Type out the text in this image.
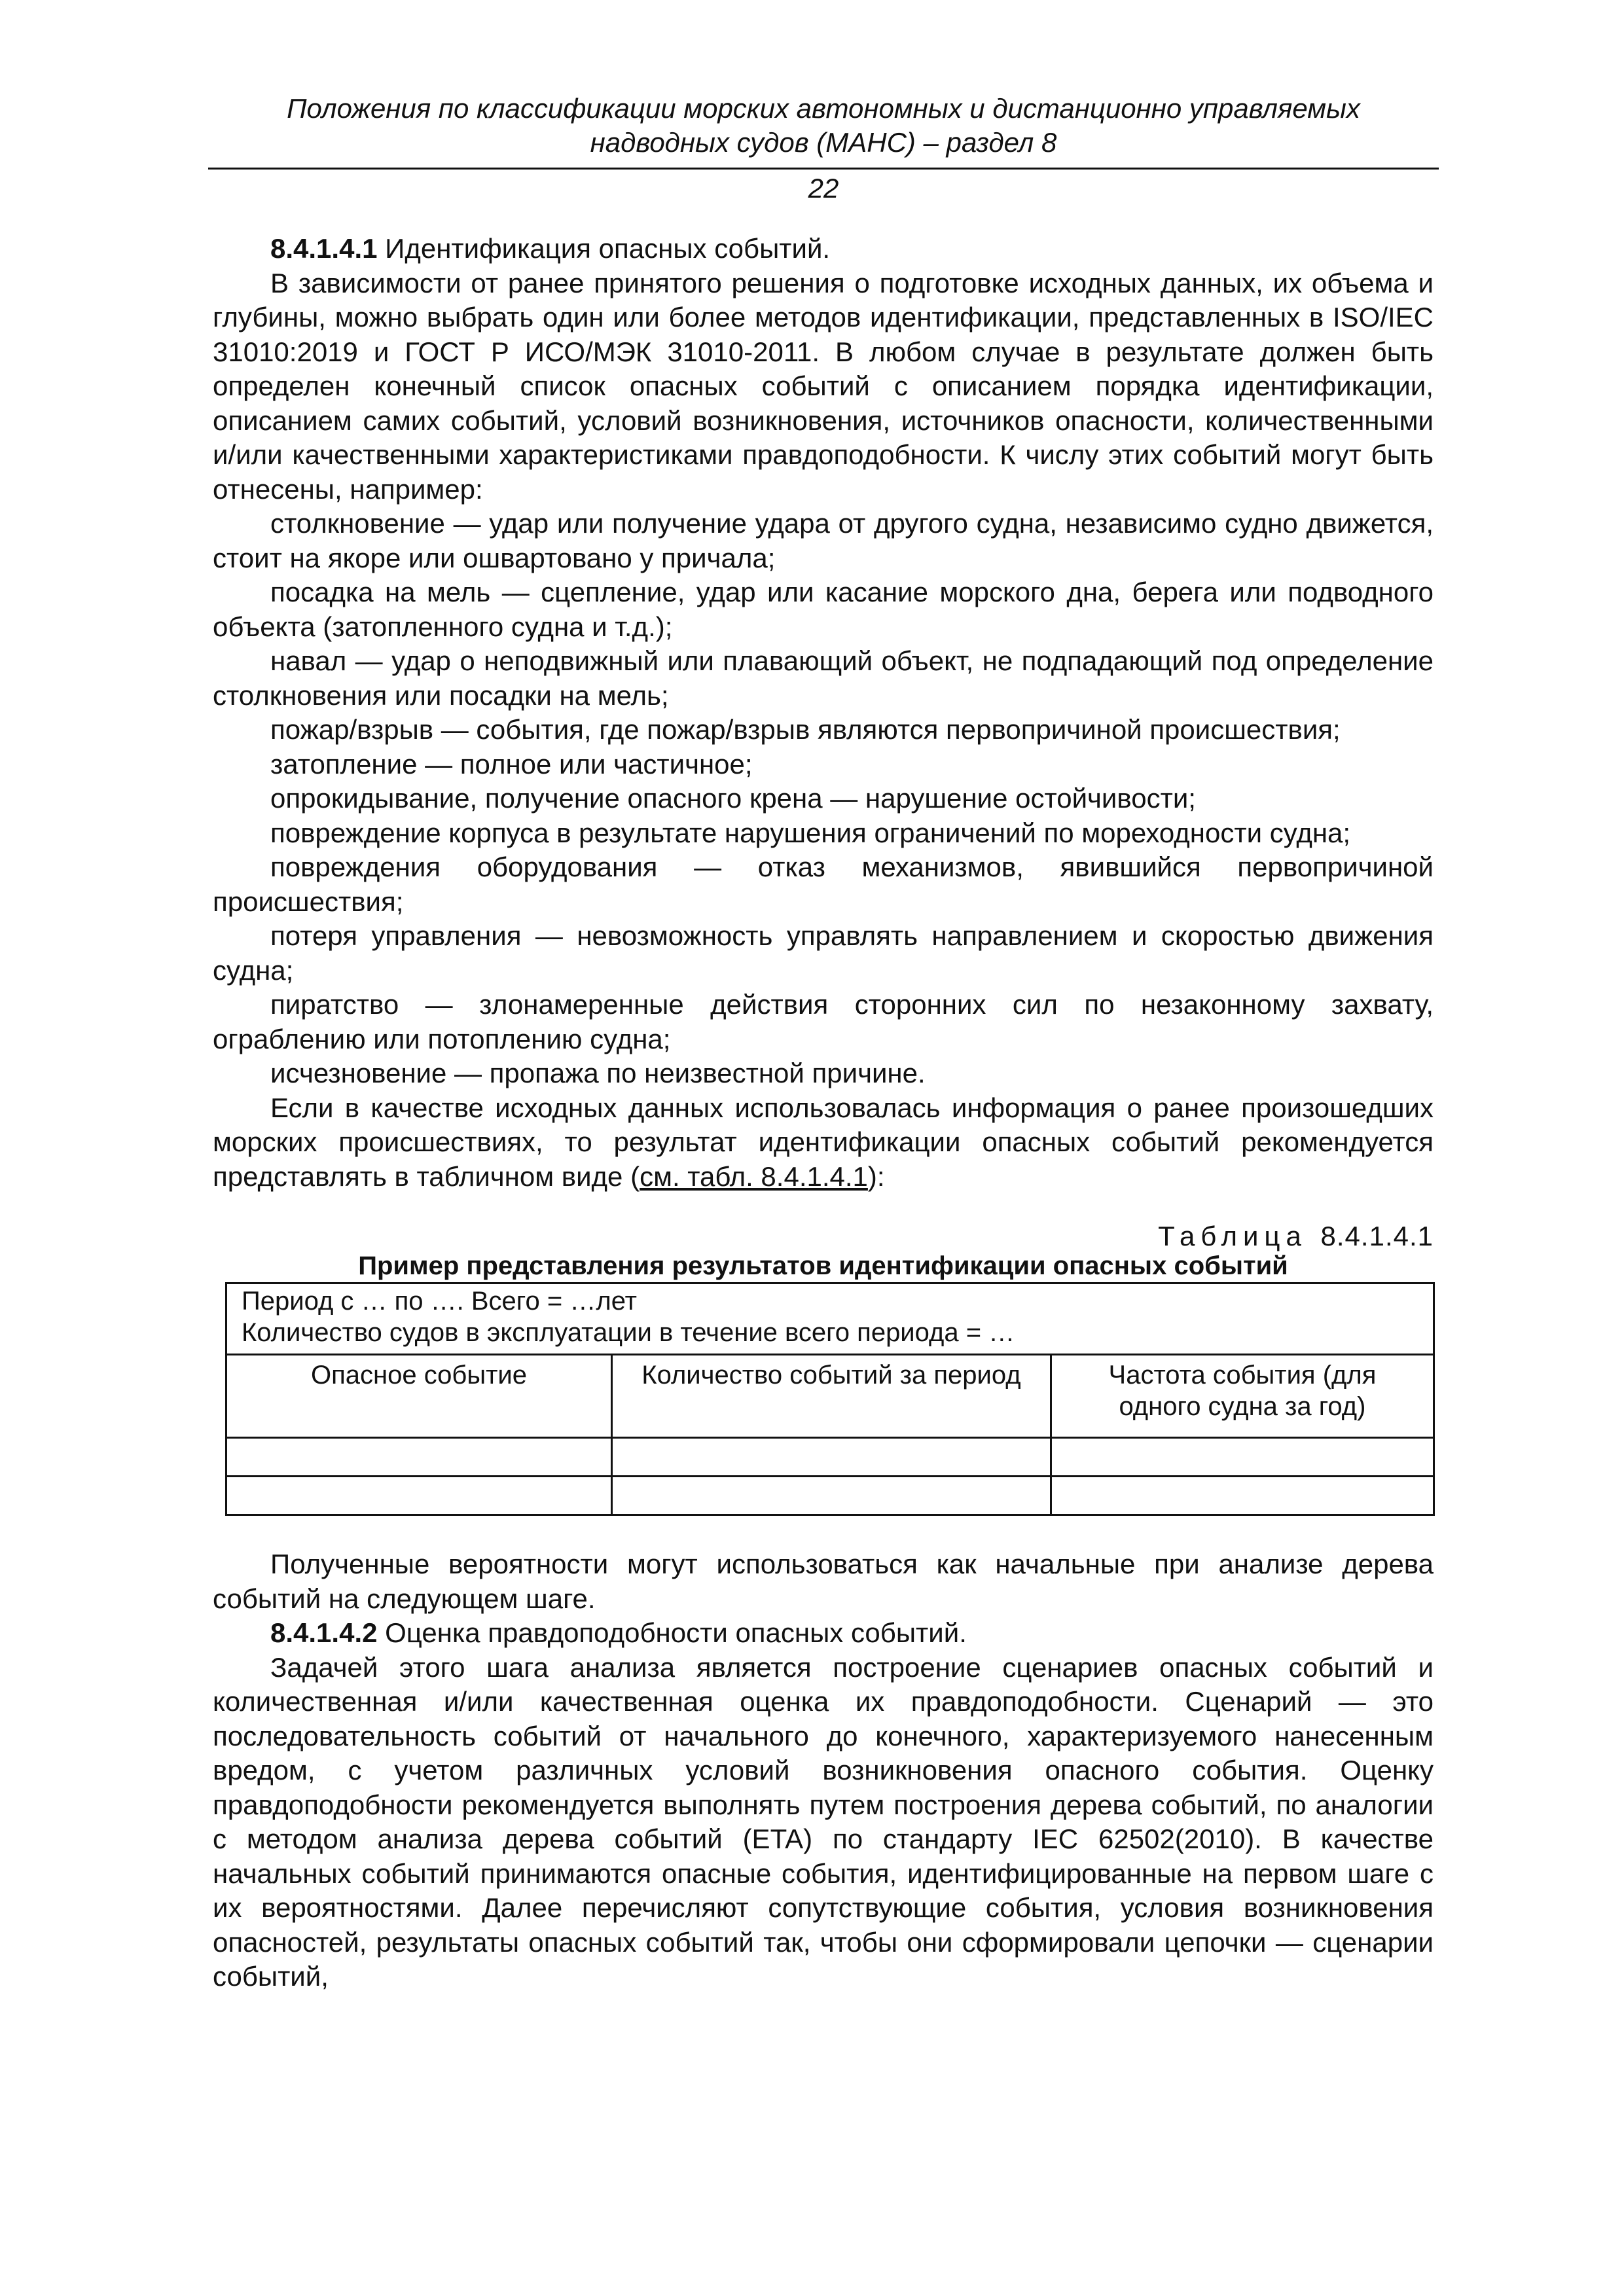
Положения по классификации морских автономных и дистанционно управляемых
надводных судов (МАНС) – раздел 8
22

8.4.1.4.1 Идентификация опасных событий.

В зависимости от ранее принятого решения о подготовке исходных данных, их объема и глубины, можно выбрать один или более методов идентификации, представленных в ISO/IEC 31010:2019 и ГОСТ Р ИСО/МЭК 31010-2011. В любом случае в результате должен быть определен конечный список опасных событий с описанием порядка идентификации, описанием самих событий, условий возникновения, источников опасности, количественными и/или качественными характеристиками правдоподобности. К числу этих событий могут быть отнесены, например:

столкновение — удар или получение удара от другого судна, независимо судно движется, стоит на якоре или ошвартовано у причала;

посадка на мель — сцепление, удар или касание морского дна, берега или подводного объекта (затопленного судна и т.д.);

навал — удар о неподвижный или плавающий объект, не подпадающий под определение столкновения или посадки на мель;

пожар/взрыв — события, где пожар/взрыв являются первопричиной происшествия;

затопление — полное или частичное;

опрокидывание, получение опасного крена — нарушение остойчивости;

повреждение корпуса в результате нарушения ограничений по мореходности судна;

повреждения оборудования — отказ механизмов, явившийся первопричиной происшествия;

потеря управления — невозможность управлять направлением и скоростью движения судна;

пиратство — злонамеренные действия сторонних сил по незаконному захвату, ограблению или потоплению судна;

исчезновение — пропажа по неизвестной причине.

Если в качестве исходных данных использовалась информация о ранее произошедших морских происшествиях, то результат идентификации опасных событий рекомендуется представлять в табличном виде (см. табл. 8.4.1.4.1):

Таблица 8.4.1.4.1
Пример представления результатов идентификации опасных событий
Период с … по …. Всего = …лет
Количество судов в эксплуатации в течение всего периода = …		

Опасное событие	Количество событий за период	Частота события (для одного судна за год)

Полученные вероятности могут использоваться как начальные при анализе дерева событий на следующем шаге.

8.4.1.4.2 Оценка правдоподобности опасных событий.

Задачей этого шага анализа является построение сценариев опасных событий и количественная и/или качественная оценка их правдоподобности. Сценарий — это последовательность событий от начального до конечного, характеризуемого нанесенным вредом, с учетом различных условий возникновения опасного события. Оценку правдоподобности рекомендуется выполнять путем построения дерева событий, по аналогии с методом анализа дерева событий (ETA) по стандарту IEC 62502(2010). В качестве начальных событий принимаются опасные события, идентифицированные на первом шаге с их вероятностями. Далее перечисляют сопутствующие события, условия возникновения опасностей, результаты опасных событий так, чтобы они сформировали цепочки — сценарии событий,
